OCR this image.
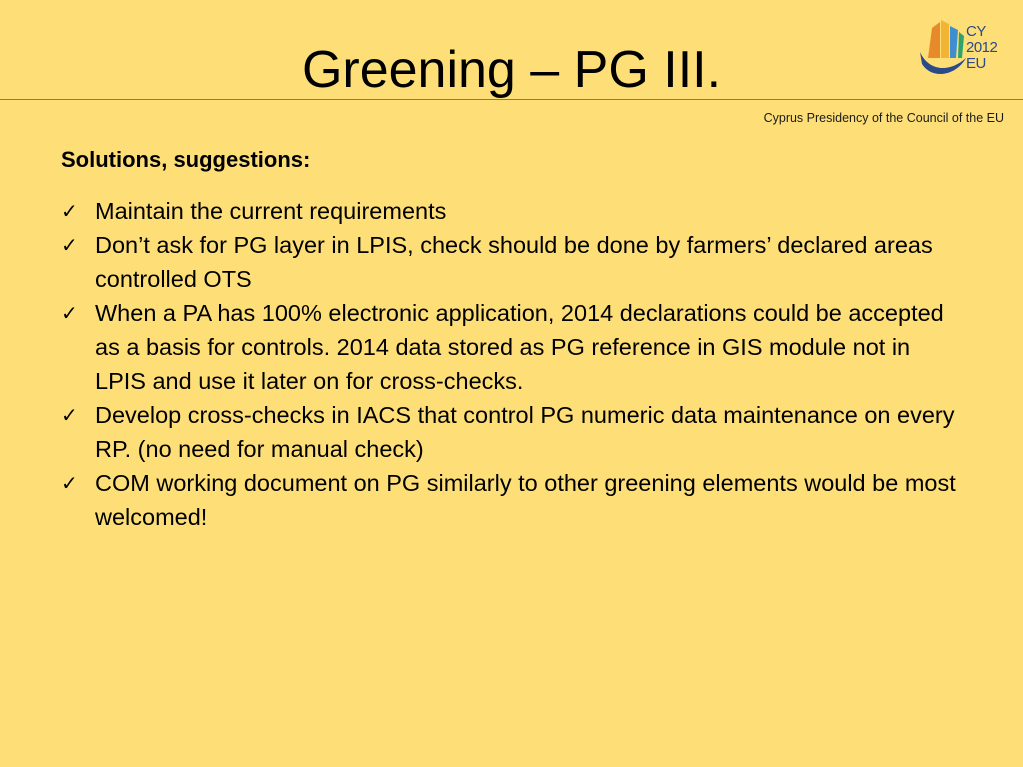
Greening – PG III.
CY
2012
EU
Cyprus Presidency of the Council of the EU
Solutions, suggestions:
✓ Maintain the current requirements
✓ Don’t ask for PG layer in LPIS, check should be done by farmers’ declared areas controlled OTS
✓ When a PA has 100% electronic application, 2014 declarations could be accepted as a basis for controls. 2014 data stored as PG reference in GIS module not in LPIS and use it later on for cross-checks.
✓ Develop cross-checks in IACS that control PG numeric data maintenance on every RP. (no need for manual check)
✓ COM working document on PG similarly to other greening elements would be most welcomed!
